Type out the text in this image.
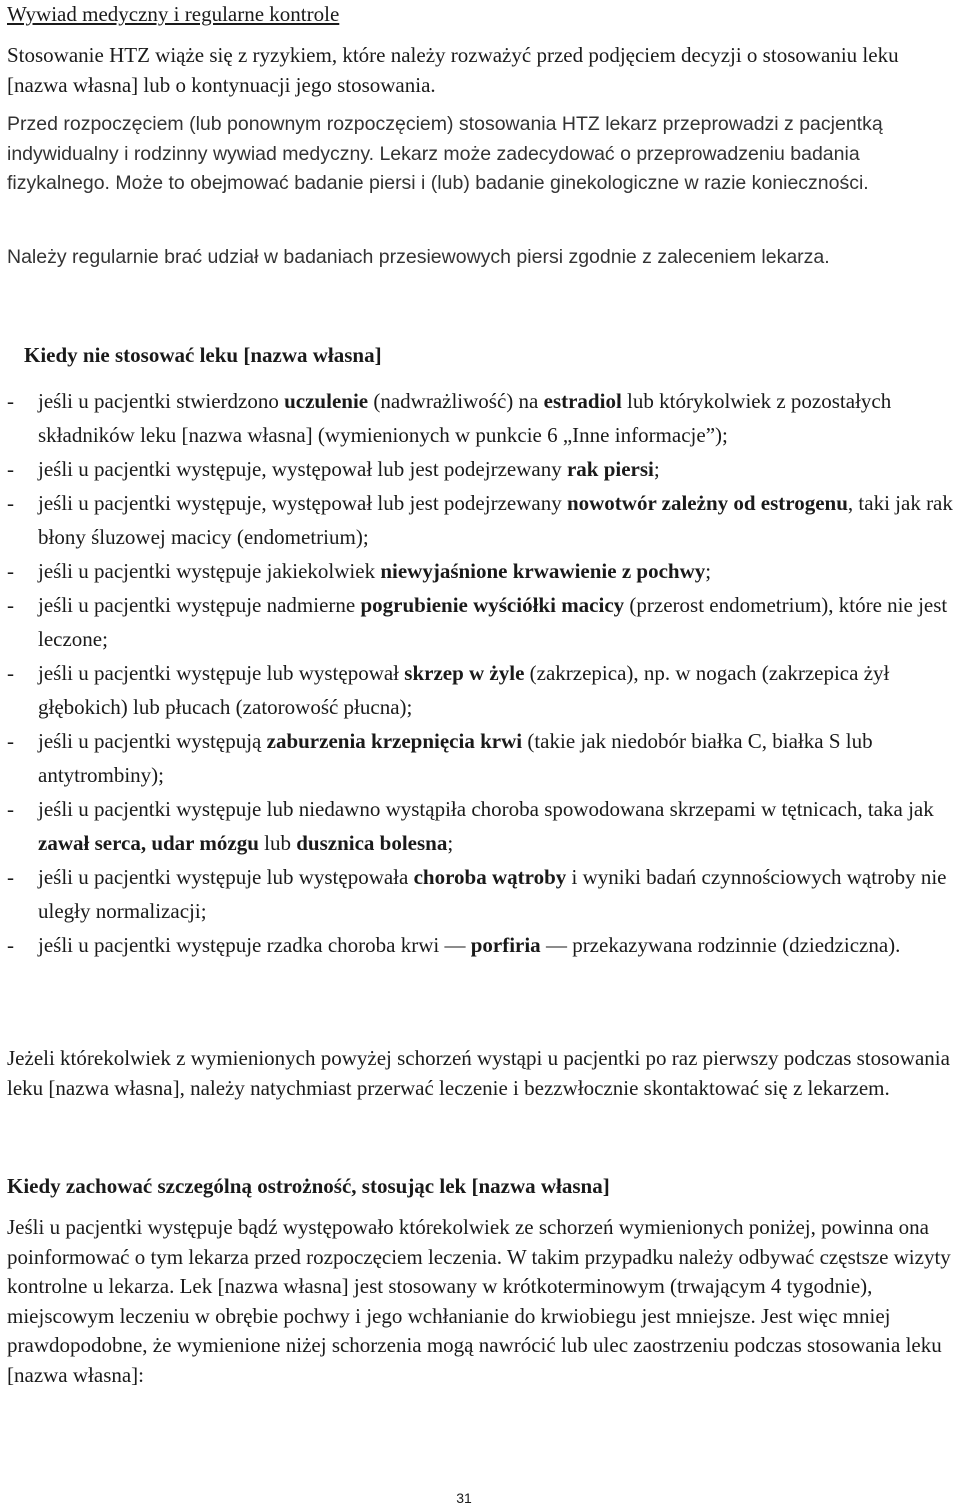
Wywiad medyczny i regularne kontrole

Stosowanie HTZ wiąże się z ryzykiem, które należy rozważyć przed podjęciem decyzji o stosowaniu leku [nazwa własna] lub o kontynuacji jego stosowania.

Przed rozpoczęciem (lub ponownym rozpoczęciem) stosowania HTZ lekarz przeprowadzi z pacjentką indywidualny i rodzinny wywiad medyczny. Lekarz może zadecydować o przeprowadzeniu badania fizykalnego. Może to obejmować badanie piersi i (lub) badanie ginekologiczne w razie konieczności.

Należy regularnie brać udział w badaniach przesiewowych piersi zgodnie z zaleceniem lekarza.

Kiedy nie stosować leku [nazwa własna]
- jeśli u pacjentki stwierdzono uczulenie (nadwrażliwość) na estradiol lub którykolwiek z pozostałych składników leku [nazwa własna] (wymienionych w punkcie 6 „Inne informacje”);
- jeśli u pacjentki występuje, występował lub jest podejrzewany rak piersi;
- jeśli u pacjentki występuje, występował lub jest podejrzewany nowotwór zależny od estrogenu, taki jak rak błony śluzowej macicy (endometrium);
- jeśli u pacjentki występuje jakiekolwiek niewyjaśnione krwawienie z pochwy;
- jeśli u pacjentki występuje nadmierne pogrubienie wyściółki macicy (przerost endometrium), które nie jest leczone;
- jeśli u pacjentki występuje lub występował skrzep w żyle (zakrzepica), np. w nogach (zakrzepica żył głębokich) lub płucach (zatorowość płucna);
- jeśli u pacjentki występują zaburzenia krzepnięcia krwi (takie jak niedobór białka C, białka S lub antytrombiny);
- jeśli u pacjentki występuje lub niedawno wystąpiła choroba spowodowana skrzepami w tętnicach, taka jak zawał serca, udar mózgu lub dusznica bolesna;
- jeśli u pacjentki występuje lub występowała choroba wątroby i wyniki badań czynnościowych wątroby nie uległy normalizacji;
- jeśli u pacjentki występuje rzadka choroba krwi — porfiria — przekazywana rodzinnie (dziedziczna).

Jeżeli którekolwiek z wymienionych powyżej schorzeń wystąpi u pacjentki po raz pierwszy podczas stosowania leku [nazwa własna], należy natychmiast przerwać leczenie i bezzwłocznie skontaktować się z lekarzem.

Kiedy zachować szczególną ostrożność, stosując lek [nazwa własna]

Jeśli u pacjentki występuje bądź występowało którekolwiek ze schorzeń wymienionych poniżej, powinna ona poinformować o tym lekarza przed rozpoczęciem leczenia. W takim przypadku należy odbywać częstsze wizyty kontrolne u lekarza. Lek [nazwa własna] jest stosowany w krótkoterminowym (trwającym 4 tygodnie), miejscowym leczeniu w obrębie pochwy i jego wchłanianie do krwiobiegu jest mniejsze. Jest więc mniej prawdopodobne, że wymienione niżej schorzenia mogą nawrócić lub ulec zaostrzeniu podczas stosowania leku [nazwa własna]:

31
